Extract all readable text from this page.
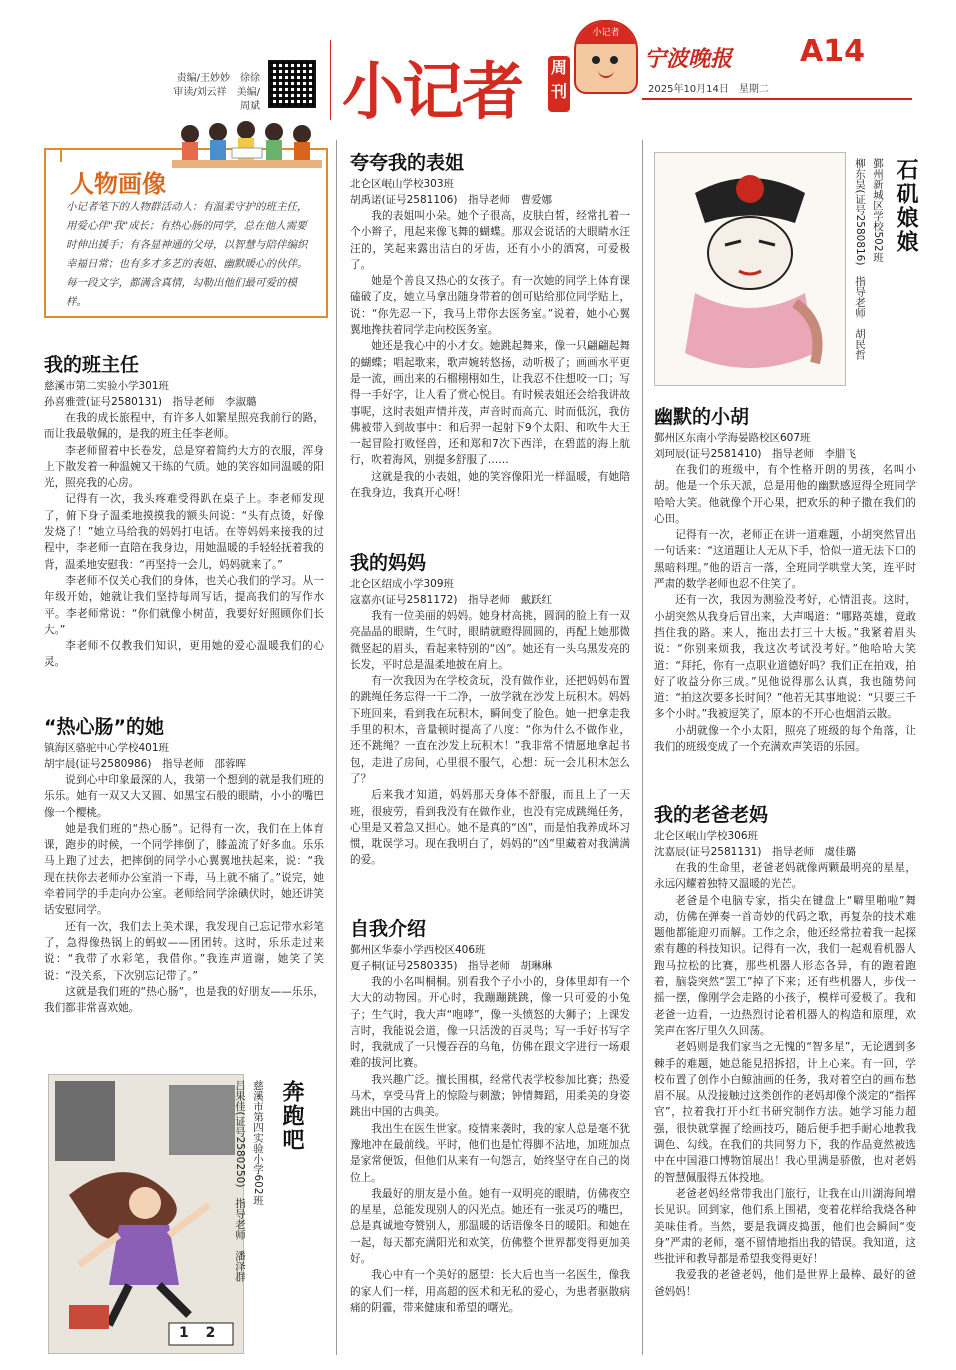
责编/王妙妙　徐徐
审读/刘云祥　美编/周斌 小记者 周刊
小记者
宁波晚报
2025年10月14日　星期二
A14
人物画像
小记者笔下的人物群活动人：有温柔守护的班主任，用爱心伴"我"成长；有热心肠的同学，总在他人需要时伸出援手；有各显神通的父母，以智慧与陪伴编织幸福日常；也有多才多艺的表姐、幽默暖心的伙伴。每一段文字，都满含真情，勾勒出他们最可爱的模样。
我的班主任
慈溪市第二实验小学301班
孙喜雅萱(证号2580131)　指导老师　李淑璐

在我的成长旅程中，有许多人如繁星照亮我前行的路，而让我最敬佩的，是我的班主任李老师。

李老师留着中长卷发，总是穿着简约大方的衣服，浑身上下散发着一种温婉又干练的气质。她的笑容如同温暖的阳光，照亮我的心房。

记得有一次，我头疼难受得趴在桌子上。李老师发现了，俯下身子温柔地摸摸我的额头问说：“头有点烫，好像发烧了！”她立马给我的妈妈打电话。在等妈妈来接我的过程中，李老师一直陪在我身边，用她温暖的手轻轻抚着我的背，温柔地安慰我：“再坚持一会儿，妈妈就来了。”

李老师不仅关心我们的身体，也关心我们的学习。从一年级开始，她就让我们坚持每周写话，提高我们的写作水平。李老师常说：“你们就像小树苗，我要好好照顾你们长大。”

李老师不仅教我们知识，更用她的爱心温暖我们的心灵。

“热心肠”的她
镇海区骆驼中心学校401班
胡宇晨(证号2580986)　指导老师　邵蓉晖

说到心中印象最深的人，我第一个想到的就是我们班的乐乐。她有一双又大又圆、如黑宝石般的眼睛，小小的嘴巴像一个樱桃。

她是我们班的“热心肠”。记得有一次，我们在上体育课，跑步的时候，一个同学摔倒了，膝盖流了好多血。乐乐马上跑了过去，把摔倒的同学小心翼翼地扶起来，说：“我现在扶你去老师办公室消一下毒，马上就不痛了。”说完，她牵着同学的手走向办公室。老师给同学涂碘伏时，她还讲笑话安慰同学。

还有一次，我们去上美术课，我发现自己忘记带水彩笔了，急得像热锅上的蚂蚁——团团转。这时，乐乐走过来说：“我带了水彩笔，我借你。”我连声道谢，她笑了笑说：“没关系，下次别忘记带了。”

这就是我们班的“热心肠”，也是我的好朋友——乐乐，我们都非常喜欢她。

1 2
奔跑吧
慈溪市第四实验小学602班
吕果佳(证号2580250)　指导老师　潘泽群
夸夸我的表姐
北仑区岷山学校303班
胡禹诺(证号2581106)　指导老师　曹爱娜

我的表姐叫小朵。她个子很高，皮肤白皙，经常扎着一个小辫子，甩起来像飞舞的蝴蝶。那双会说话的大眼睛水汪汪的，笑起来露出洁白的牙齿，还有小小的酒窝，可爱极了。

她是个善良又热心的女孩子。有一次她的同学上体育课磕破了皮，她立马拿出随身带着的创可贴给那位同学贴上，说：“你先忍一下，我马上带你去医务室。”说着，她小心翼翼地搀扶着同学走向校医务室。

她还是我心中的小才女。她跳起舞来，像一只翩翩起舞的蝴蝶；唱起歌来，歌声婉转悠扬，动听极了；画画水平更是一流，画出来的石榴栩栩如生，让我忍不住想咬一口；写得一手好字，让人看了赏心悦目。有时候表姐还会给我讲故事呢，这时表姐声情并茂，声音时而高亢、时而低沉，我仿佛被带入到故事中：和后羿一起射下9个太阳、和吹牛大王一起冒险打败怪兽，还和郑和7次下西洋，在碧蓝的海上航行，吹着海风，别提多舒服了……

这就是我的小表姐，她的笑容像阳光一样温暖，有她陪在我身边，我真开心呀！

我的妈妈
北仑区绍成小学309班
寇嘉亦(证号2581172)　指导老师　戴跃红

我有一位美丽的妈妈。她身材高挑，圆润的脸上有一双亮晶晶的眼睛，生气时，眼睛就瞪得圆圆的，再配上她那微微竖起的眉头，看起来特别的“凶”。她还有一头乌黑发亮的长发，平时总是温柔地披在肩上。

有一次我因为在学校贪玩，没有做作业，还把妈妈布置的跳绳任务忘得一干二净，一放学就在沙发上玩积木。妈妈下班回来，看到我在玩积木，瞬间变了脸色。她一把拿走我手里的积木，音量顿时提高了八度：“你为什么不做作业，还不跳绳？一直在沙发上玩积木！”我非常不情愿地拿起书包，走进了房间，心里很不服气，心想：玩一会儿积木怎么了？

后来我才知道，妈妈那天身体不舒服，而且上了一天班，很疲劳，看到我没有在做作业，也没有完成跳绳任务，心里是又着急又担心。她不是真的“凶”，而是怕我养成坏习惯，耽误学习。现在我明白了，妈妈的“凶”里藏着对我满满的爱。

自我介绍
鄞州区华泰小学西校区406班
夏子桐(证号2580335)　指导老师　胡琳琳

我的小名叫桐桐。别看我个子小小的，身体里却有一个大大的动物园。开心时，我蹦蹦跳跳，像一只可爱的小兔子；生气时，我大声“咆哮”，像一头愤怒的大狮子；上课发言时，我能说会道，像一只活泼的百灵鸟；写一手好书写字时，我就成了一只慢吞吞的乌龟，仿佛在跟文字进行一场艰难的拔河比赛。

我兴趣广泛。擅长围棋，经常代表学校参加比赛；热爱马术，享受马背上的惊险与刺激；钟情舞蹈，用柔美的身姿跳出中国的古典美。

我出生在医生世家。疫情来袭时，我的家人总是毫不犹豫地冲在最前线。平时，他们也是忙得脚不沾地，加班加点是家常便饭，但他们从来有一句怨言，始终坚守在自己的岗位上。

我最好的朋友是小鱼。她有一双明亮的眼睛，仿佛夜空的星星，总能发现别人的闪光点。她还有一张灵巧的嘴巴，总是真诚地夸赞别人，那温暖的话语像冬日的暖阳。和她在一起，每天都充满阳光和欢笑，仿佛整个世界都变得更加美好。

我心中有一个美好的愿望：长大后也当一名医生，像我的家人们一样，用高超的医术和无私的爱心，为患者驱散病痛的阴霾，带来健康和希望的曙光。

石矶娘娘
鄞州新城区学校502班
柳东昊(证号2580816)　指导老师　胡民哲
幽默的小胡
鄞州区东南小学海晏路校区607班
刘珂辰(证号2581410)　指导老师　李腊飞

在我们的班级中，有个性格开朗的男孩，名叫小胡。他是一个乐天派，总是用他的幽默感逗得全班同学哈哈大笑。他就像个开心果，把欢乐的种子撒在我们的心田。

记得有一次，老师正在讲一道难题，小胡突然冒出一句话来：“这道题让人无从下手，恰似一道无法下口的黑暗料理。”他的语言一落，全班同学哄堂大笑，连平时严肃的数学老师也忍不住笑了。

还有一次，我因为测验没考好，心情沮丧。这时，小胡突然从我身后冒出来，大声喝道：“哪路英雄，竟敢挡住我的路。来人，拖出去打三十大板。”我紧着眉头说：“你别来烦我，我这次考试没考好。”他哈哈大笑道：“拜托，你有一点职业道德好吗？我们正在拍戏，拍好了收益分你三成。”见他说得那么认真，我也随势问道：“拍这次要多长时间？”他若无其事地说：“只要三千多个小时。”我被逗笑了，原本的不开心也烟消云散。

小胡就像一个小太阳，照亮了班级的每个角落，让我们的班级变成了一个充满欢声笑语的乐园。

我的老爸老妈
北仑区岷山学校306班
沈嘉辰(证号2581131)　指导老师　虞佳璐

在我的生命里，老爸老妈就像两颗最明亮的星星，永远闪耀着独特又温暖的光芒。

老爸是个电脑专家，指尖在键盘上“噼里啪啦”舞动，仿佛在弹奏一首奇妙的代码之歌，再复杂的技术难题他都能迎刃而解。工作之余，他还经常拉着我一起探索有趣的科技知识。记得有一次，我们一起观看机器人跑马拉松的比赛，那些机器人形态各异，有的跑着跑着，脑袋突然“罢工”掉了下来；还有些机器人，步伐一摇一摆，像刚学会走路的小孩子，模样可爱极了。我和老爸一边看，一边热烈讨论着机器人的构造和原理，欢笑声在客厅里久久回荡。

老妈则是我们家当之无愧的“智多星”，无论遇到多棘手的难题，她总能見招拆招，计上心来。有一回，学校布置了创作小白鲸油画的任务，我对着空白的画布愁眉不展。从没接触过这类创作的老妈却像个淡定的“指挥官”，拉着我打开小红书研究制作方法。她学习能力超强，很快就掌握了绘画技巧，随后便手把手耐心地教我调色、勾线。在我们的共同努力下，我的作品竟然被选中在中国港口博物馆展出！我心里满是骄傲，也对老妈的智慧佩服得五体投地。

老爸老妈经常带我出门旅行，让我在山川湖海间增长见识。回到家，他们系上围裙，变着花样给我烧各种美味佳肴。当然，要是我调皮捣蛋，他们也会瞬间“变身”严肃的老师，毫不留情地指出我的错误。我知道，这些批评和教导都是希望我变得更好！

我爱我的老爸老妈，他们是世界上最棒、最好的爸爸妈妈！
